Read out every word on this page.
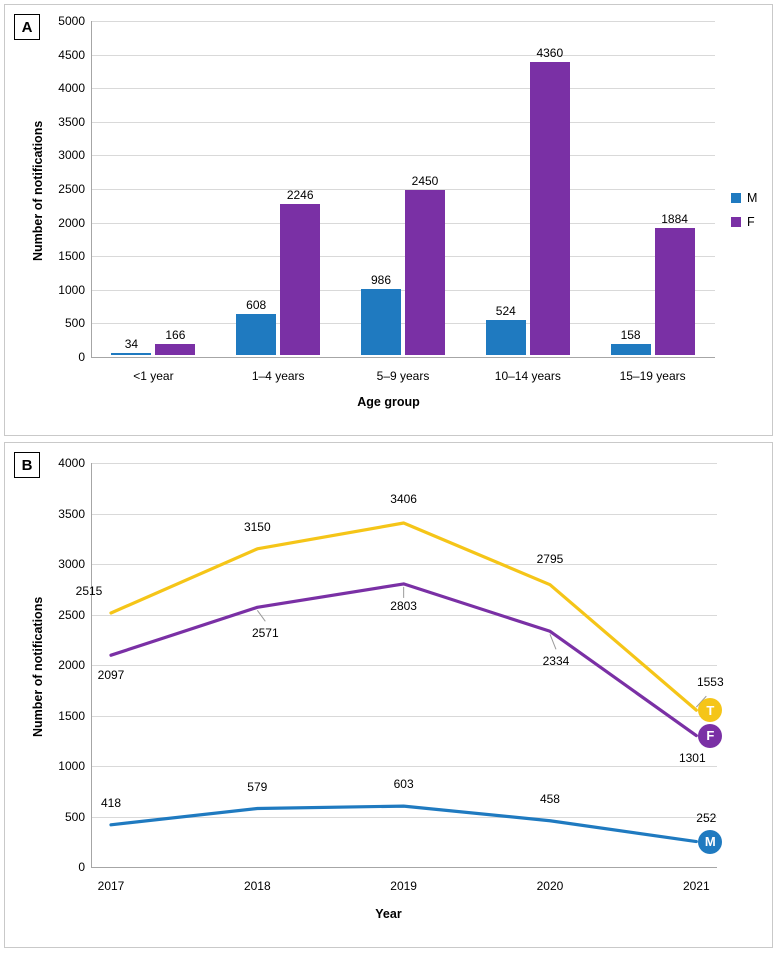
A
Number of notifications
0
500
1000
1500
2000
2500
3000
3500
4000
4500
5000
<1 year
34
166
1–4 years
608
2246
5–9 years
986
2450
10–14 years
524
4360
15–19 years
158
1884
Age group
M
F
B
Number of notifications
0
500
1000
1500
2000
2500
3000
3500
4000
2017	2018	2019	2020	2021
2515
3150
3406
2795
1553
2097
2571
2803
2334
1301
418
579	603
458
252
T
F
M
Year
